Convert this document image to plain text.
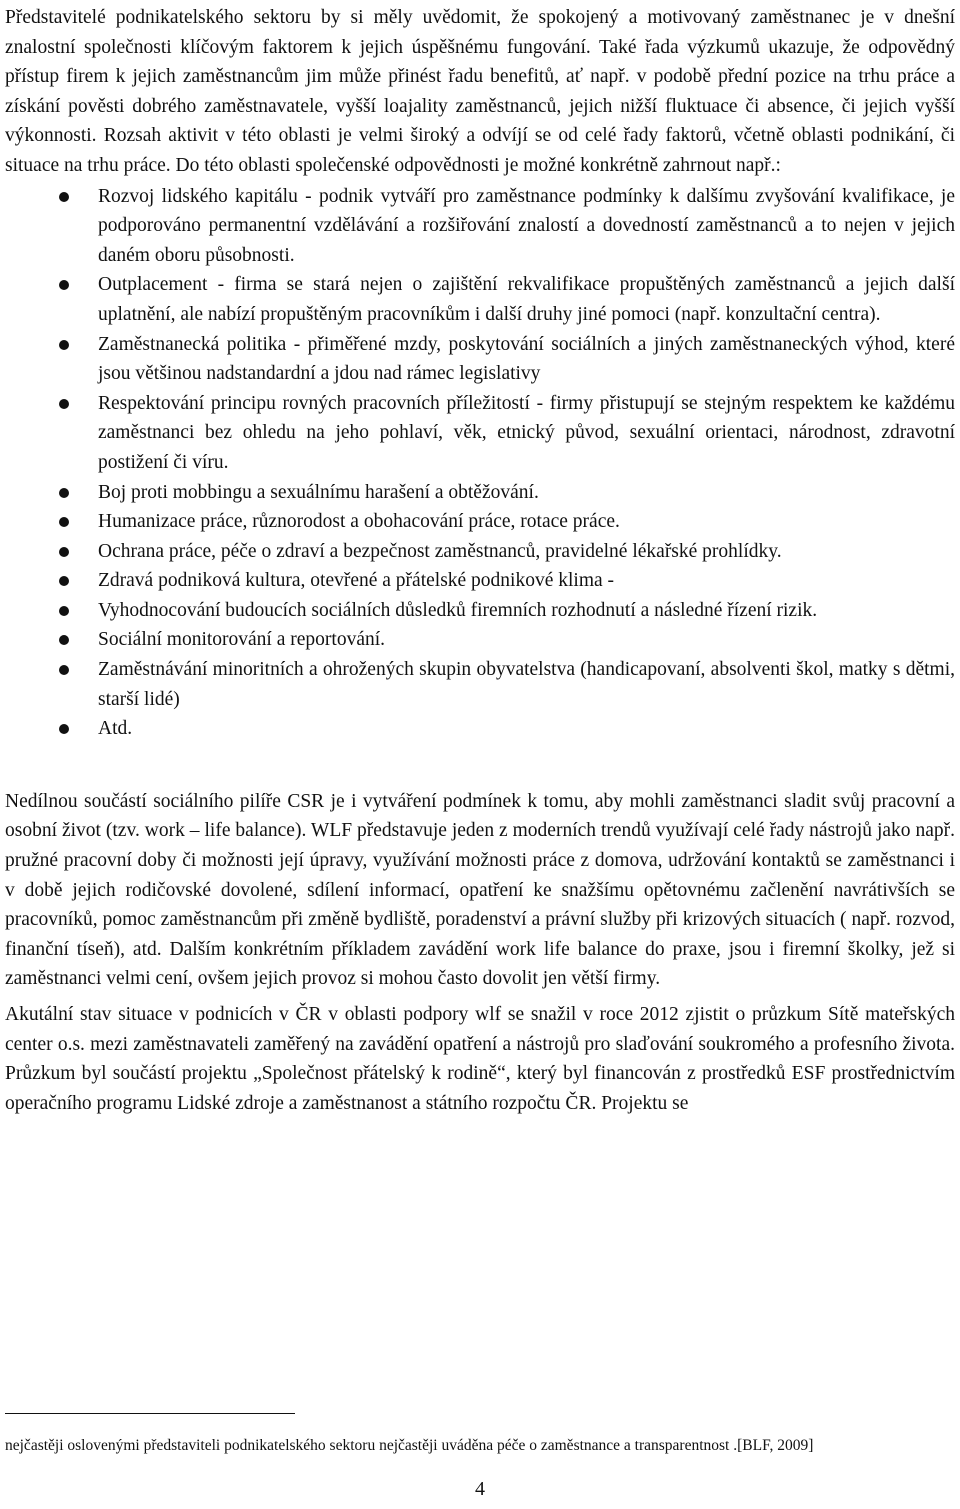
Představitelé podnikatelského sektoru by si měly uvědomit, že spokojený a motivovaný zaměstnanec je v dnešní znalostní společnosti klíčovým faktorem k jejich úspěšnému fungování. Také řada výzkumů ukazuje, že odpovědný přístup firem k jejich zaměstnancům jim může přinést řadu benefitů, ať např. v podobě přední pozice na trhu práce a získání pověsti dobrého zaměstnavatele, vyšší loajality zaměstnanců, jejich nižší fluktuace či absence, či jejich vyšší výkonnosti. Rozsah aktivit v této oblasti je velmi široký a odvíjí se od celé řady faktorů, včetně oblasti podnikání, či situace na trhu práce. Do této oblasti společenské odpovědnosti je možné konkrétně zahrnout např.:

Rozvoj lidského kapitálu - podnik vytváří pro zaměstnance podmínky k dalšímu zvyšování kvalifikace, je podporováno permanentní vzdělávání a rozšiřování znalostí a dovedností zaměstnanců a to nejen v jejich daném oboru působnosti.
Outplacement - firma se stará nejen o zajištění rekvalifikace propuštěných zaměstnanců a jejich další uplatnění, ale nabízí propuštěným pracovníkům i další druhy jiné pomoci (např. konzultační centra).
Zaměstnanecká politika - přiměřené mzdy, poskytování sociálních a jiných zaměstnaneckých výhod, které jsou většinou nadstandardní a jdou nad rámec legislativy
Respektování principu rovných pracovních příležitostí - firmy přistupují se stejným respektem ke každému zaměstnanci bez ohledu na jeho pohlaví, věk, etnický původ, sexuální orientaci, národnost, zdravotní postižení či víru.
Boj proti mobbingu a sexuálnímu harašení a obtěžování.
Humanizace práce, různorodost a obohacování práce, rotace práce.
Ochrana práce, péče o zdraví a bezpečnost zaměstnanců, pravidelné lékařské prohlídky.
Zdravá podniková kultura, otevřené a přátelské podnikové klima -
Vyhodnocování budoucích sociálních důsledků firemních rozhodnutí a následné řízení rizik.
Sociální monitorování a reportování.
Zaměstnávání minoritních a ohrožených skupin obyvatelstva (handicapovaní, absolventi škol, matky s dětmi, starší lidé)
Atd.

Nedílnou součástí sociálního pilíře CSR je i vytváření podmínek k tomu, aby mohli zaměstnanci sladit svůj pracovní a osobní život (tzv. work – life balance). WLF představuje jeden z moderních trendů využívají celé řady nástrojů jako např. pružné pracovní doby či možnosti její úpravy, využívání možnosti práce z domova, udržování kontaktů se zaměstnanci i v době jejich rodičovské dovolené, sdílení informací, opatření ke snažšímu opětovnému začlenění navrátivších se pracovníků, pomoc zaměstnancům při změně bydliště, poradenství a právní služby při krizových situacích ( např. rozvod, finanční tíseň), atd. Dalším konkrétním příkladem zavádění work life balance do praxe, jsou i firemní školky, jež si zaměstnanci velmi cení, ovšem jejich provoz si mohou často dovolit jen větší firmy.

Akutální stav situace v podnicích v ČR v oblasti podpory wlf se snažil v roce 2012 zjistit o průzkum Sítě mateřských center o.s. mezi zaměstnavateli zaměřený na zavádění opatření a nástrojů pro slaďování soukromého a profesního života. Průzkum byl součástí projektu „Společnost přátelský k rodině“, který byl financován z prostředků ESF prostřednictvím operačního programu Lidské zdroje a zaměstnanost a státního rozpočtu ČR. Projektu se

nejčastěji oslovenými představiteli podnikatelského sektoru nejčastěji uváděna péče o zaměstnance a transparentnost .[BLF, 2009]

4
